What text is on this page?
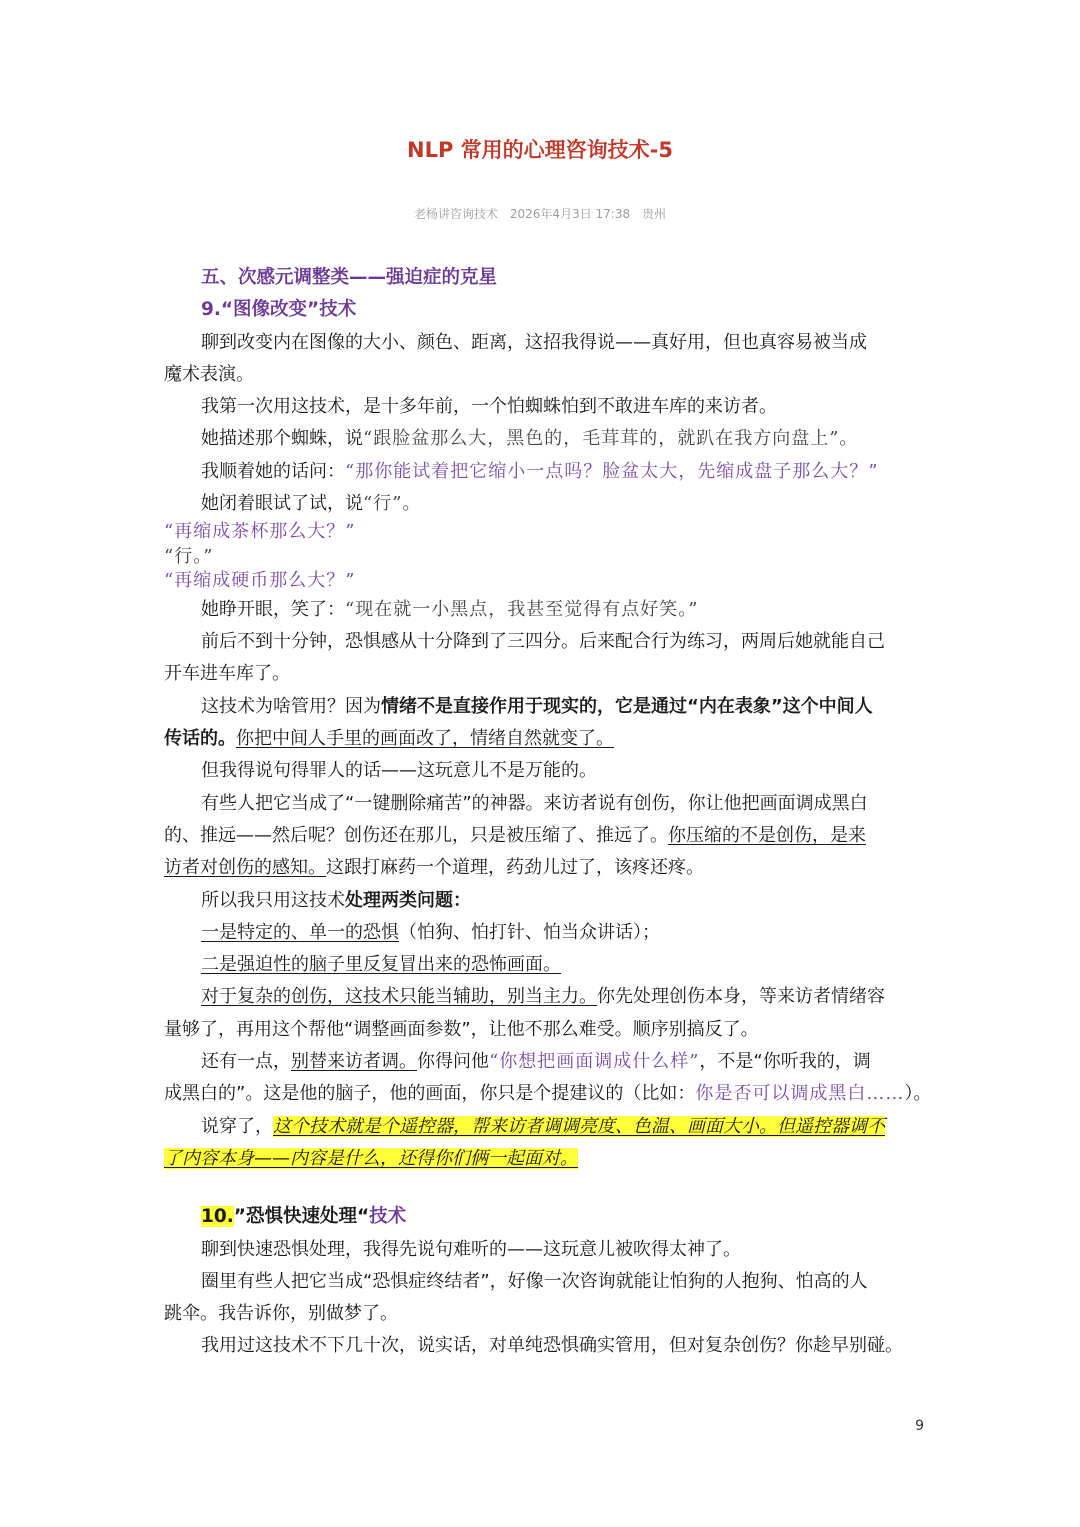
NLP 常用的心理咨询技术-5
老杨讲咨询技术 2026年4月3日 17:38 贵州
五、次感元调整类——强迫症的克星
9.“图像改变”技术
聊到改变内在图像的大小、颜色、距离，这招我得说——真好用，但也真容易被当成
魔术表演。
我第一次用这技术，是十多年前，一个怕蜘蛛怕到不敢进车库的来访者。
她描述那个蜘蛛，说“跟脸盆那么大，黑色的，毛茸茸的，就趴在我方向盘上”。
我顺着她的话问：“那你能试着把它缩小一点吗？脸盆太大，先缩成盘子那么大？”
她闭着眼试了试，说“行”。
“再缩成茶杯那么大？”
“行。”
“再缩成硬币那么大？”
她睁开眼，笑了：“现在就一小黑点，我甚至觉得有点好笑。”
前后不到十分钟，恐惧感从十分降到了三四分。后来配合行为练习，两周后她就能自己
开车进车库了。
这技术为啥管用？因为情绪不是直接作用于现实的，它是通过“内在表象”这个中间人
传话的。你把中间人手里的画面改了，情绪自然就变了。
但我得说句得罪人的话——这玩意儿不是万能的。
有些人把它当成了“一键删除痛苦”的神器。来访者说有创伤，你让他把画面调成黑白
的、推远——然后呢？创伤还在那儿，只是被压缩了、推远了。你压缩的不是创伤，是来
访者对创伤的感知。这跟打麻药一个道理，药劲儿过了，该疼还疼。
所以我只用这技术处理两类问题：
一是特定的、单一的恐惧（怕狗、怕打针、怕当众讲话）；
二是强迫性的脑子里反复冒出来的恐怖画面。
对于复杂的创伤，这技术只能当辅助，别当主力。你先处理创伤本身，等来访者情绪容
量够了，再用这个帮他“调整画面参数”，让他不那么难受。顺序别搞反了。
还有一点，别替来访者调。你得问他“你想把画面调成什么样”，不是“你听我的，调
成黑白的”。这是他的脑子，他的画面，你只是个提建议的（比如：你是否可以调成黑白……）。
说穿了，这个技术就是个遥控器，帮来访者调调亮度、色温、画面大小。但遥控器调不
了内容本身——内容是什么，还得你们俩一起面对。
10.”恐惧快速处理“技术
聊到快速恐惧处理，我得先说句难听的——这玩意儿被吹得太神了。
圈里有些人把它当成“恐惧症终结者”，好像一次咨询就能让怕狗的人抱狗、怕高的人
跳伞。我告诉你，别做梦了。
我用过这技术不下几十次，说实话，对单纯恐惧确实管用，但对复杂创伤？你趁早别碰。
9
